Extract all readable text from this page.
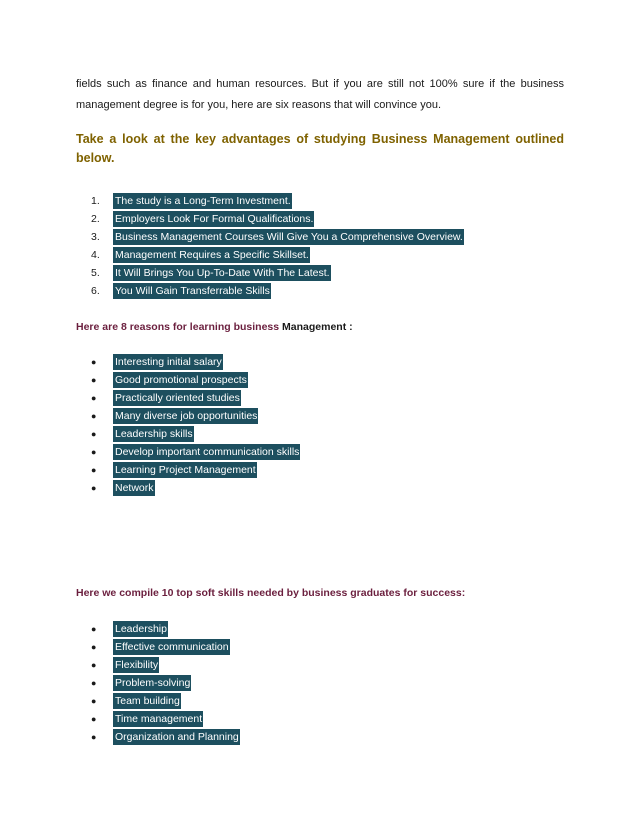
fields such as finance and human resources. But if you are still not 100% sure if the business management degree is for you, here are six reasons that will convince you.

Take a look at the key advantages of studying Business Management outlined below.

1.	The study is a Long-Term Investment.
2.	Employers Look For Formal Qualifications.
3.	Business Management Courses Will Give You a Comprehensive Overview.
4.	Management Requires a Specific Skillset.
5.	It Will Brings You Up-To-Date With The Latest.
6.	You Will Gain Transferrable Skills

Here are 8 reasons for learning business Management :

●	Interesting initial salary
●	Good promotional prospects
●	Practically oriented studies
●	Many diverse job opportunities
●	Leadership skills
●	Develop important communication skills
●	Learning Project Management
●	Network

Here we compile 10 top soft skills needed by business graduates for success:

●	Leadership
●	Effective communication
●	Flexibility
●	Problem-solving
●	Team building
●	Time management
●	Organization and Planning
